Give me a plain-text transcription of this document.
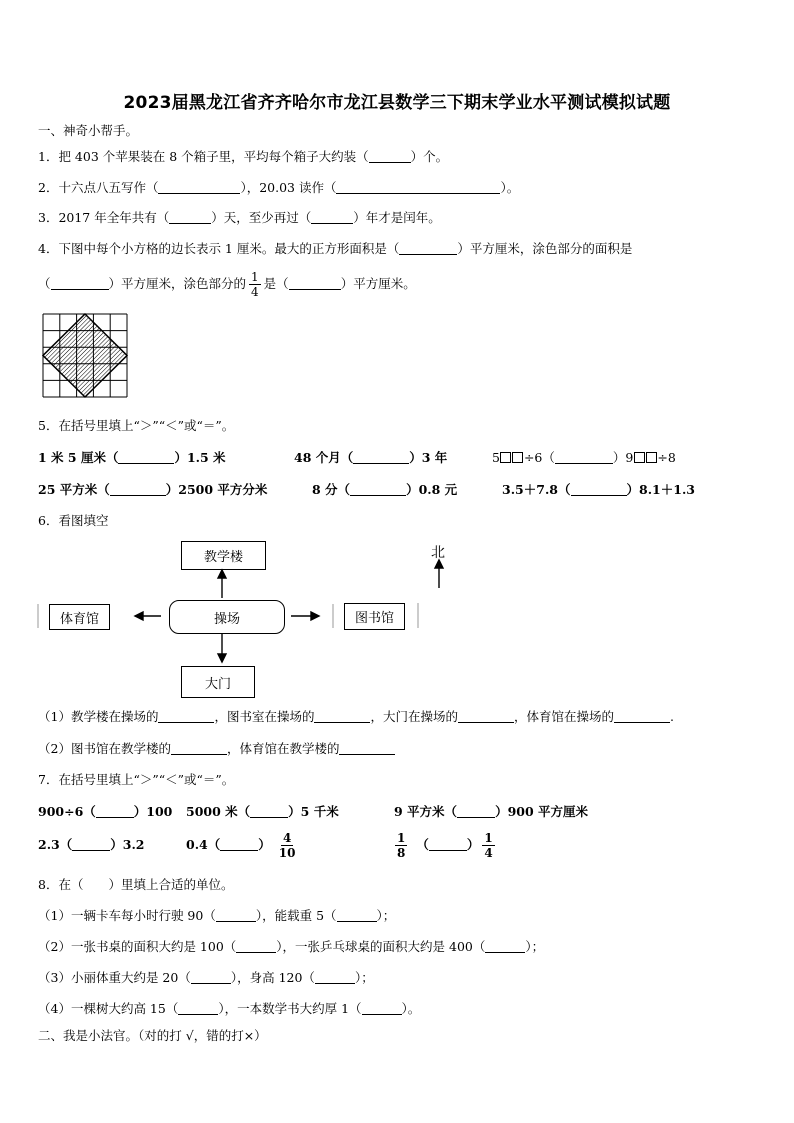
2023届黑龙江省齐齐哈尔市龙江县数学三下期末学业水平测试模拟试题
一、神奇小帮手。
1．把 403 个苹果装在 8 个箱子里，平均每个箱子大约装（	）个。
2．十六点八五写作（	），20.03 读作（	）。
3．2017 年全年共有（	）天，至少再过（	）年才是闰年。
4．下图中每个小方格的边长表示 1 厘米。最大的正方形面积是（	）平方厘米，涂色部分的面积是
（	）平方厘米，涂色部分的 $\frac{1}{4}$ 是（	）平方厘米。
5．在括号里填上“＞”“＜”或“＝”。
1 米 5 厘米（	）1.5 米	48 个月（	）3 年	5 ÷6（	）9 ÷8
25 平方米（	）2500 平方分米	8 分（	）0.8 元	3.5＋7.8（	）8.1＋1.3
6．看图填空
教学楼
操场
体育馆	图书馆
大门
北
（1）教学楼在操场的	，图书室在操场的	，大门在操场的	，体育馆在操场的	.
（2）图书馆在教学楼的	，体育馆在教学楼的
7．在括号里填上“＞”“＜”或“＝”。
900÷6（	）100 5000 米（	）5 千米	9 平方米（	）900 平方厘米
2.3（	）3.2	0.4（	） $\frac{4}{10}$	$\frac{1}{8}$ （	） $\frac{1}{4}$
8．在（　　）里填上合适的单位。
（1）一辆卡车每小时行驶 90（	），能载重 5（	）；
（2）一张书桌的面积大约是 100（	），一张乒乓球桌的面积大约是 400（	）；
（3）小丽体重大约是 20（	），身高 120（	）；
（4）一棵树大约高 15（	），一本数学书大约厚 1（	）。
二、我是小法官。（对的打 √，错的打×）
